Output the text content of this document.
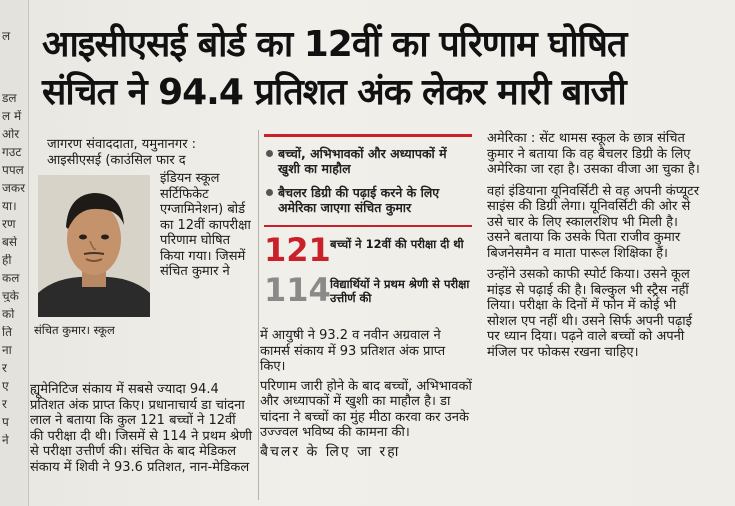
ल
डल
ल में
ओर
गउट
पपल
जकर
या।
रण
बसे
ही
कल
चुके
को
ति
ना
र
ए
र
प
ने
आइसीएसई बोर्ड का 12वीं का परिणाम घोषित
संचित ने 94.4 प्रतिशत अंक लेकर मारी बाजी
जागरण संवाददाता, यमुनानगर : आइसीएसई (काउंसिल फार द
इंडियन स्कूल सर्टिफिकेट एग्जामिनेशन) बोर्ड का 12वीं कापरीक्षा परिणाम घोषित किया गया। जिसमें संचित कुमार ने
संचित कुमार। स्कूल
ह्यूमेनिटिज संकाय में सबसे ज्यादा 94.4 प्रतिशत अंक प्राप्त किए। प्रधानाचार्य डा चांदना लाल ने बताया कि कुल 121 बच्चों ने 12वीं की परीक्षा दी थी। जिसमें से 114 ने प्रथम श्रेणी से परीक्षा उत्तीर्ण की। संचित के बाद मेडिकल संकाय में शिवी ने 93.6 प्रतिशत, नान-मेडिकल
बच्चों, अभिभावकों और अध्यापकों में खुशी का माहौल
बैचलर डिग्री की पढ़ाई करने के लिए अमेरिका जाएगा संचित कुमार
121 बच्चों ने 12वीं की परीक्षा दी थी
114 विद्यार्थियों ने प्रथम श्रेणी से परीक्षा उत्तीर्ण की

में आयुषी ने 93.2 व नवीन अग्रवाल ने कामर्स संकाय में 93 प्रतिशत अंक प्राप्त किए।

परिणाम जारी होने के बाद बच्चों, अभिभावकों और अध्यापकों में खुशी का माहौल है। डा चांदना ने बच्चों का मुंह मीठा करवा कर उनके उज्ज्वल भविष्य की कामना की।

बैचलर के लिए जा रहा

अमेरिका : सेंट थामस स्कूल के छात्र संचित कुमार ने बताया कि वह बैचलर डिग्री के लिए अमेरिका जा रहा है। उसका वीजा आ चुका है।

वहां इंडियाना यूनिवर्सिटी से वह अपनी कंप्यूटर साइंस की डिग्री लेगा। यूनिवर्सिटी की ओर से उसे चार के लिए स्कालरशिप भी मिली है। उसने बताया कि उसके पिता राजीव कुमार बिजनेसमैन व माता पारूल शिक्षिका हैं।

उन्होंने उसको काफी स्पोर्ट किया। उसने कूल मांइड से पढ़ाई की है। बिल्कुल भी स्ट्रैस नहीं लिया। परीक्षा के दिनों में फोन में कोई भी सोशल एप नहीं थी। उसने सिर्फ अपनी पढ़ाई पर ध्यान दिया। पढ़ने वाले बच्चों को अपनी मंजिल पर फोकस रखना चाहिए।
